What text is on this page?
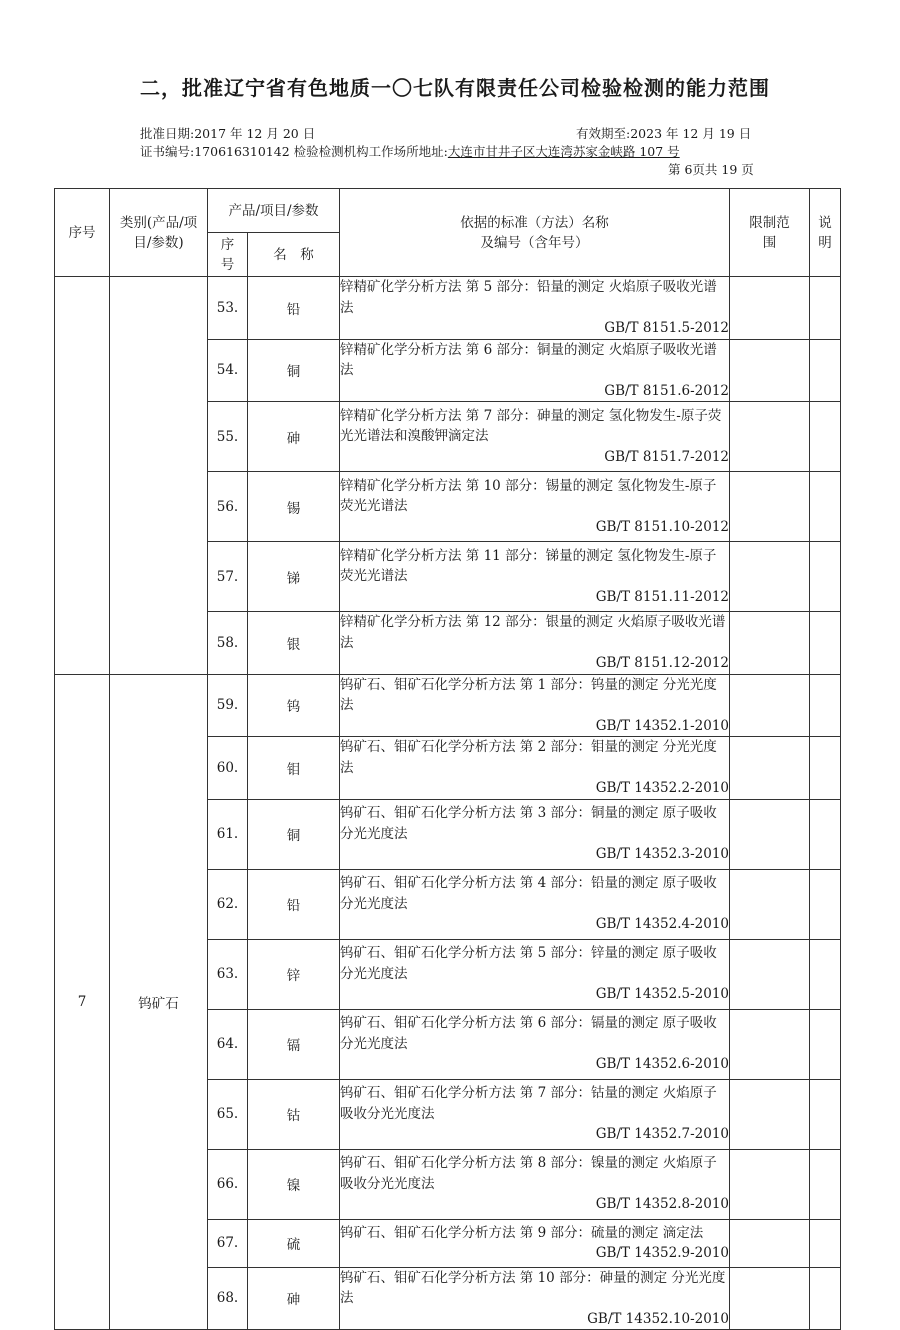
二，批准辽宁省有色地质一〇七队有限责任公司检验检测的能力范围
批准日期:2017 年 12 月 20 日	有效期至:2023 年 12 月 19 日
证书编号:170616310142 检验检测机构工作场所地址:大连市甘井子区大连湾苏家金峡路 107 号
第 6页共 19 页
序号	类别(产品/项目/参数)	产品/项目/参数		依据的标准（方法）名称
及编号（含年号）	限制范围	说明
		序号	名　称			
		53.	铅	锌精矿化学分析方法 第 5 部分：铅量的测定 火焰原子吸收光谱法
GB/T 8151.5-2012		

		54.	铜	锌精矿化学分析方法 第 6 部分：铜量的测定 火焰原子吸收光谱法
GB/T 8151.6-2012		

		55.	砷	锌精矿化学分析方法 第 7 部分：砷量的测定 氢化物发生-原子荧光光谱法和溴酸钾滴定法
GB/T 8151.7-2012		

		56.	锡	锌精矿化学分析方法 第 10 部分：锡量的测定 氢化物发生-原子荧光光谱法
GB/T 8151.10-2012		

		57.	锑	锌精矿化学分析方法 第 11 部分：锑量的测定 氢化物发生-原子荧光光谱法
GB/T 8151.11-2012		

		58.	银	锌精矿化学分析方法 第 12 部分：银量的测定 火焰原子吸收光谱法
GB/T 8151.12-2012		

7	钨矿石	59.	钨	钨矿石、钼矿石化学分析方法 第 1 部分：钨量的测定 分光光度法
GB/T 14352.1-2010		

		60.	钼	钨矿石、钼矿石化学分析方法 第 2 部分：钼量的测定 分光光度法
GB/T 14352.2-2010		

		61.	铜	钨矿石、钼矿石化学分析方法 第 3 部分：铜量的测定 原子吸收分光光度法
GB/T 14352.3-2010		

		62.	铅	钨矿石、钼矿石化学分析方法 第 4 部分：铅量的测定 原子吸收分光光度法
GB/T 14352.4-2010		

		63.	锌	钨矿石、钼矿石化学分析方法 第 5 部分：锌量的测定 原子吸收分光光度法
GB/T 14352.5-2010		

		64.	镉	钨矿石、钼矿石化学分析方法 第 6 部分：镉量的测定 原子吸收分光光度法
GB/T 14352.6-2010		

		65.	钴	钨矿石、钼矿石化学分析方法 第 7 部分：钴量的测定 火焰原子吸收分光光度法
GB/T 14352.7-2010		

		66.	镍	钨矿石、钼矿石化学分析方法 第 8 部分：镍量的测定 火焰原子吸收分光光度法
GB/T 14352.8-2010		

		67.	硫	钨矿石、钼矿石化学分析方法 第 9 部分：硫量的测定 滴定法
GB/T 14352.9-2010		

		68.	砷	钨矿石、钼矿石化学分析方法 第 10 部分：砷量的测定 分光光度法
GB/T 14352.10-2010		
